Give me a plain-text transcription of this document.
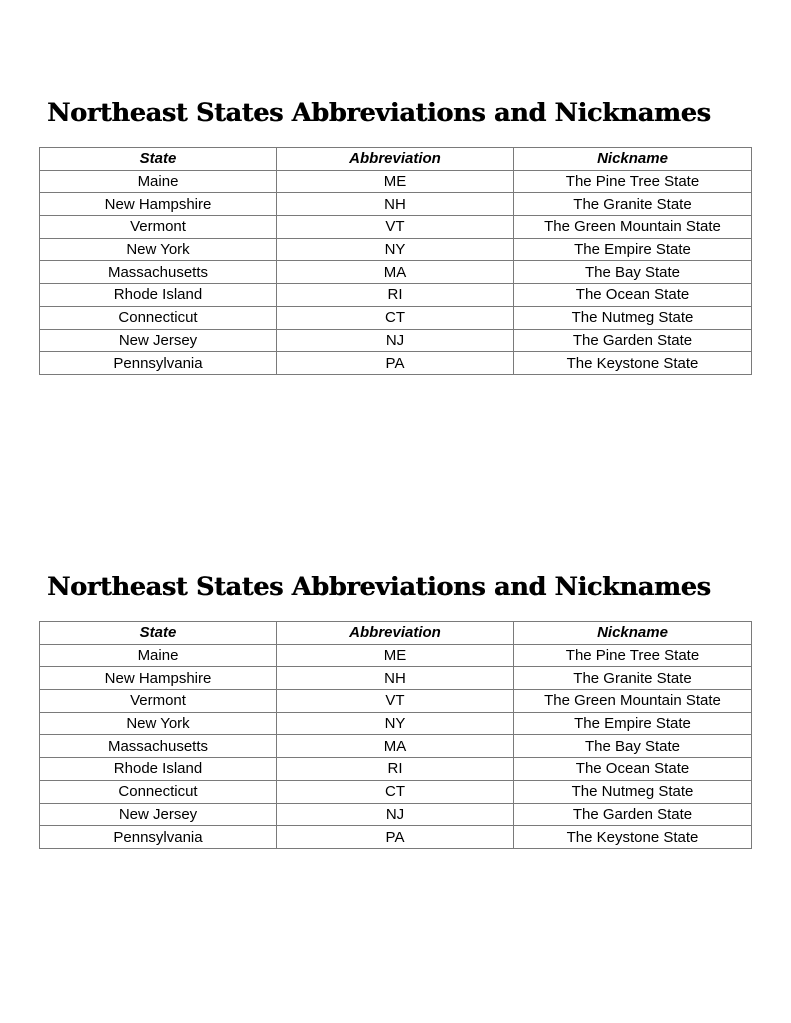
Northeast States Abbreviations and Nicknames
State	Abbreviation	Nickname
Maine	ME	The Pine Tree State
New Hampshire	NH	The Granite State
Vermont	VT	The Green Mountain State
New York	NY	The Empire State
Massachusetts	MA	The Bay State
Rhode Island	RI	The Ocean State
Connecticut	CT	The Nutmeg State
New Jersey	NJ	The Garden State
Pennsylvania	PA	The Keystone State
Northeast States Abbreviations and Nicknames
State	Abbreviation	Nickname
Maine	ME	The Pine Tree State
New Hampshire	NH	The Granite State
Vermont	VT	The Green Mountain State
New York	NY	The Empire State
Massachusetts	MA	The Bay State
Rhode Island	RI	The Ocean State
Connecticut	CT	The Nutmeg State
New Jersey	NJ	The Garden State
Pennsylvania	PA	The Keystone State
